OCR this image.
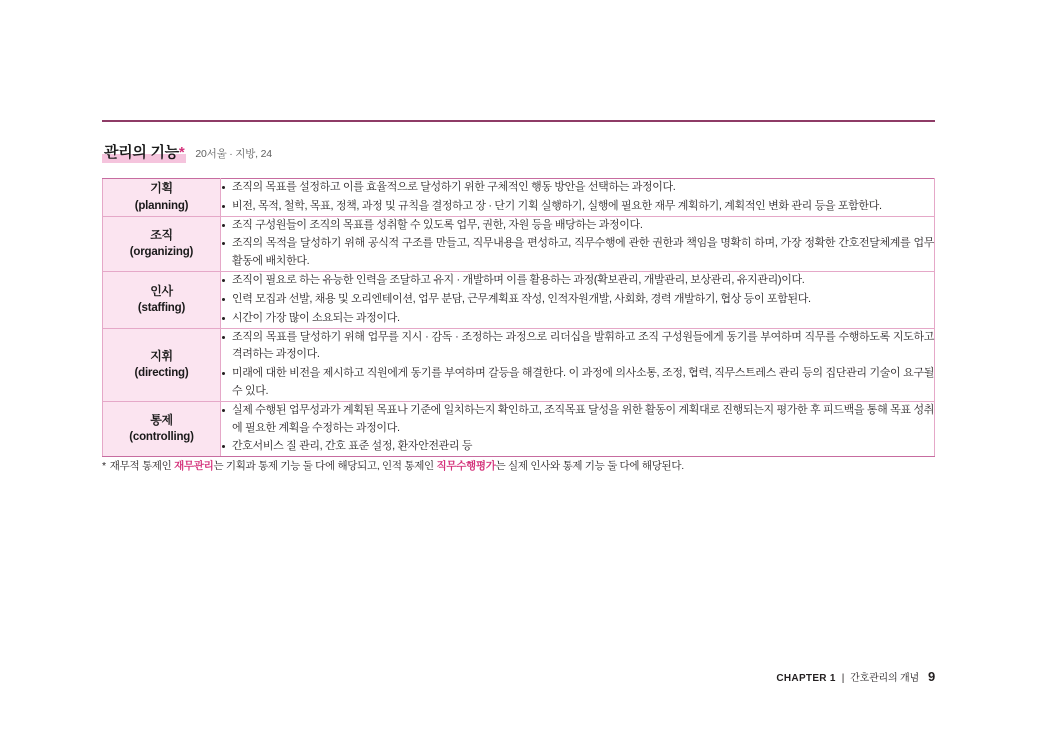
관리의 기능* 20서울 · 지방, 24
기획
(planning)

조직의 목표를 설정하고 이를 효율적으로 달성하기 위한 구체적인 행동 방안을 선택하는 과정이다.
비전, 목적, 철학, 목표, 정책, 과정 및 규칙을 결정하고 장 · 단기 기획 실행하기, 실행에 필요한 재무 계획하기, 계획적인 변화 관리 등을 포함한다.

조직
(organizing)

조직 구성원들이 조직의 목표를 성취할 수 있도록 업무, 권한, 자원 등을 배당하는 과정이다.
조직의 목적을 달성하기 위해 공식적 구조를 만들고, 직무내용을 편성하고, 직무수행에 관한 권한과 책임을 명확히 하며, 가장 정확한 간호전달체계를 업무 활동에 배치한다.

인사
(staffing)

조직이 필요로 하는 유능한 인력을 조달하고 유지 · 개발하며 이를 활용하는 과정(확보관리, 개발관리, 보상관리, 유지관리)이다.
인력 모집과 선발, 채용 및 오리엔테이션, 업무 분담, 근무계획표 작성, 인적자원개발, 사회화, 경력 개발하기, 협상 등이 포함된다.
시간이 가장 많이 소요되는 과정이다.

지휘
(directing)

조직의 목표를 달성하기 위해 업무를 지시 · 감독 · 조정하는 과정으로 리더십을 발휘하고 조직 구성원들에게 동기를 부여하며 직무를 수행하도록 지도하고 격려하는 과정이다.
미래에 대한 비전을 제시하고 직원에게 동기를 부여하며 갈등을 해결한다. 이 과정에 의사소통, 조정, 협력, 직무스트레스 관리 등의 집단관리 기술이 요구될 수 있다.

통제
(controlling)

실제 수행된 업무성과가 계획된 목표나 기준에 일치하는지 확인하고, 조직목표 달성을 위한 활동이 계획대로 진행되는지 평가한 후 피드백을 통해 목표 성취에 필요한 계획을 수정하는 과정이다.
간호서비스 질 관리, 간호 표준 설정, 환자안전관리 등
* 재무적 통제인 재무관리는 기획과 통제 기능 둘 다에 해당되고, 인적 통제인 직무수행평가는 실제 인사와 통제 기능 둘 다에 해당된다.
CHAPTER 1 | 간호관리의 개념 9
